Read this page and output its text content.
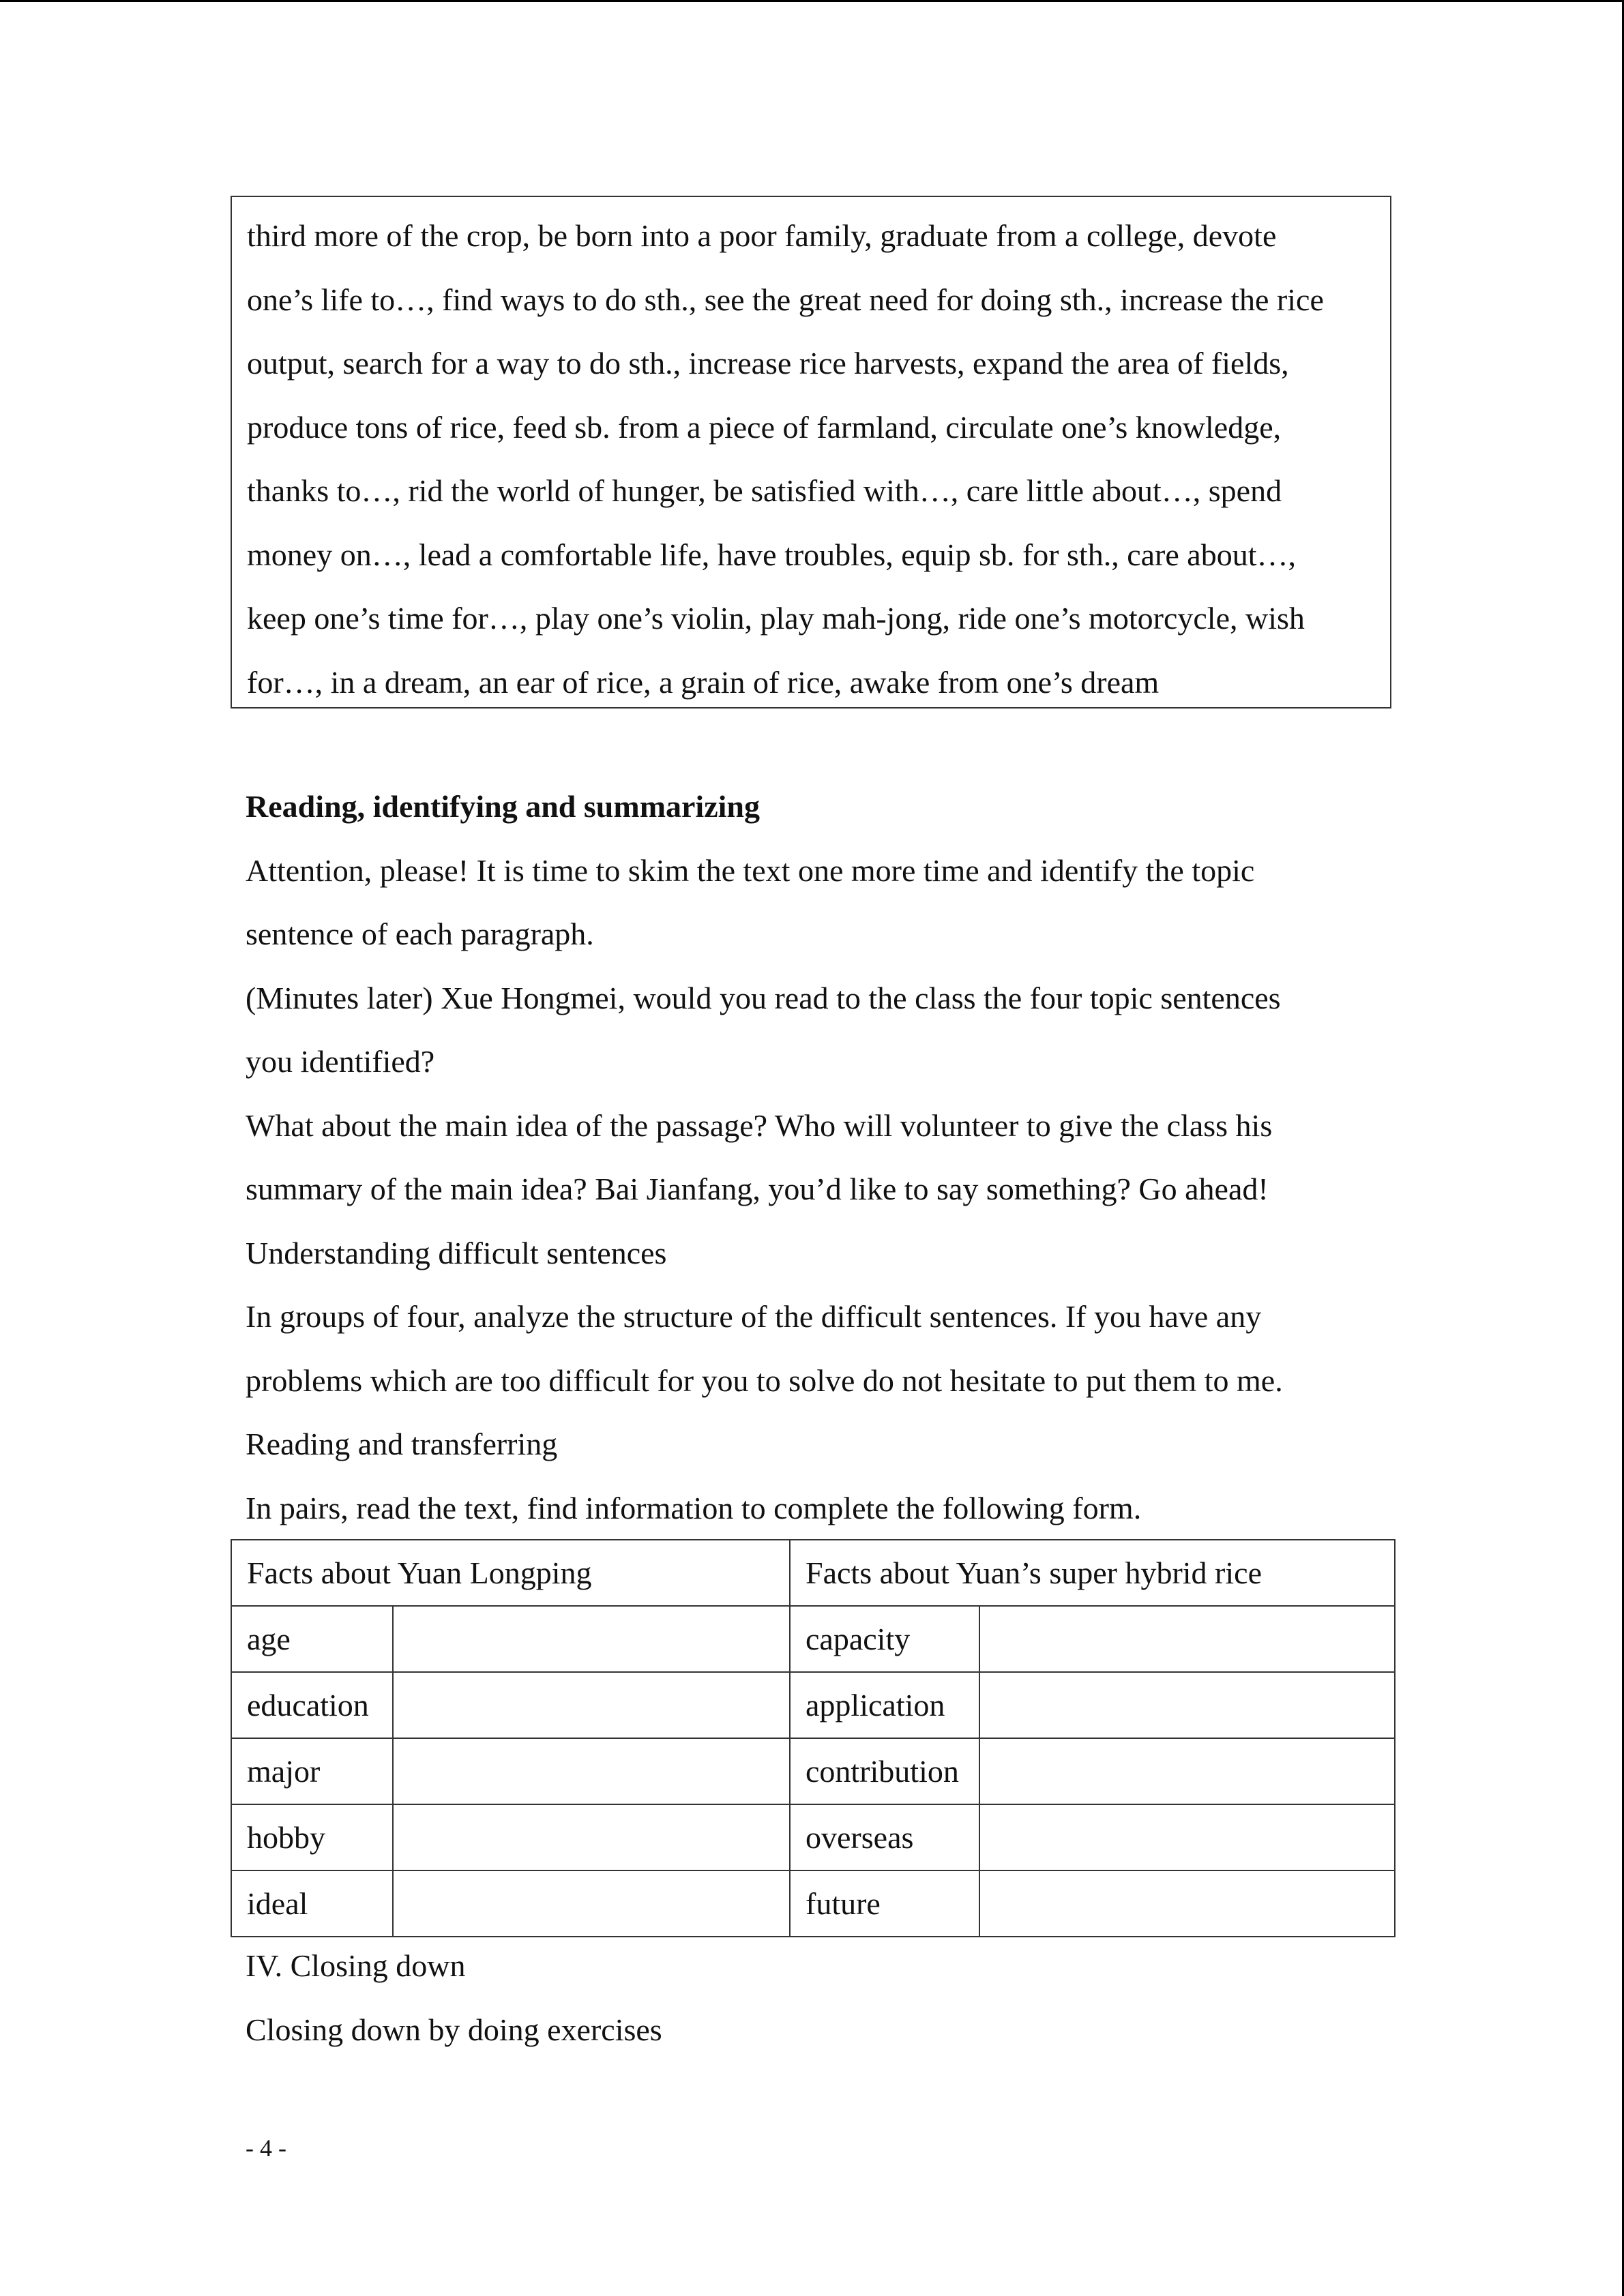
third more of the crop, be born into a poor family, graduate from a college, devote
one’s life to…, find ways to do sth., see the great need for doing sth., increase the rice
output, search for a way to do sth., increase rice harvests, expand the area of fields,
produce tons of rice, feed sb. from a piece of farmland, circulate one’s knowledge,
thanks to…, rid the world of hunger, be satisfied with…, care little about…, spend
money on…, lead a comfortable life, have troubles, equip sb. for sth., care about…,
keep one’s time for…, play one’s violin, play mah-jong, ride one’s motorcycle, wish
for…, in a dream, an ear of rice, a grain of rice, awake from one’s dream
Reading, identifying and summarizing
Attention, please! It is time to skim the text one more time and identify the topic
sentence of each paragraph.
(Minutes later) Xue Hongmei, would you read to the class the four topic sentences
you identified?
What about the main idea of the passage? Who will volunteer to give the class his
summary of the main idea? Bai Jianfang, you’d like to say something? Go ahead!
Understanding difficult sentences
In groups of four, analyze the structure of the difficult sentences. If you have any
problems which are too difficult for you to solve do not hesitate to put them to me.
Reading and transferring
In pairs, read the text, find information to complete the following form.
Facts about Yuan Longping		Facts about Yuan’s super hybrid rice	
age		capacity	
education		application	
major		contribution	
hobby		overseas	
ideal		future	
IV. Closing down
Closing down by doing exercises
- 4 -
